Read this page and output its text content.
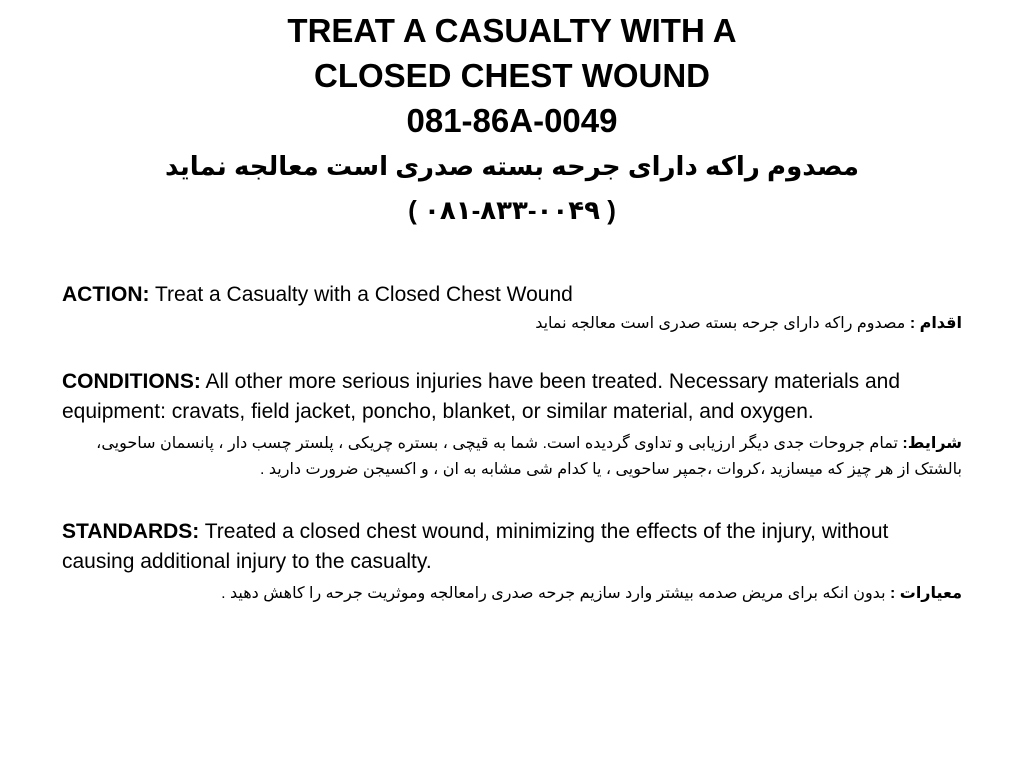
TREAT A CASUALTY WITH A
CLOSED CHEST WOUND
081-86A-0049
مصدوم راکه دارای جرحه بسته صدری است معالجه نماید
( ۰۸۱-۸۳۳-۰۰۴۹ )
ACTION: Treat a Casualty with a Closed Chest Wound
اقدام : مصدوم راکه دارای جرحه بسته صدری است معالجه نماید
CONDITIONS: All other more serious injuries have been treated. Necessary materials and equipment: cravats, field jacket, poncho, blanket, or similar material, and oxygen.
شرایط: تمام جروحات جدی دیگر ارزیابی و تداوی گردیده است. شما به قیچی ، بستره چریکی ، پلستر چسب دار ، پانسمان ساحویی، بالشتک از هر چیز که میسازید ،کروات ،جمپر ساحویی ، یا کدام شی مشابه به ان ، و اکسیجن ضرورت دارید .
STANDARDS: Treated a closed chest wound, minimizing the effects of the injury, without causing additional injury to the casualty.
معیارات : بدون انکه برای مریض صدمه بیشتر وارد سازیم جرحه صدری رامعالجه وموثریت جرحه را کاهش دهید .
